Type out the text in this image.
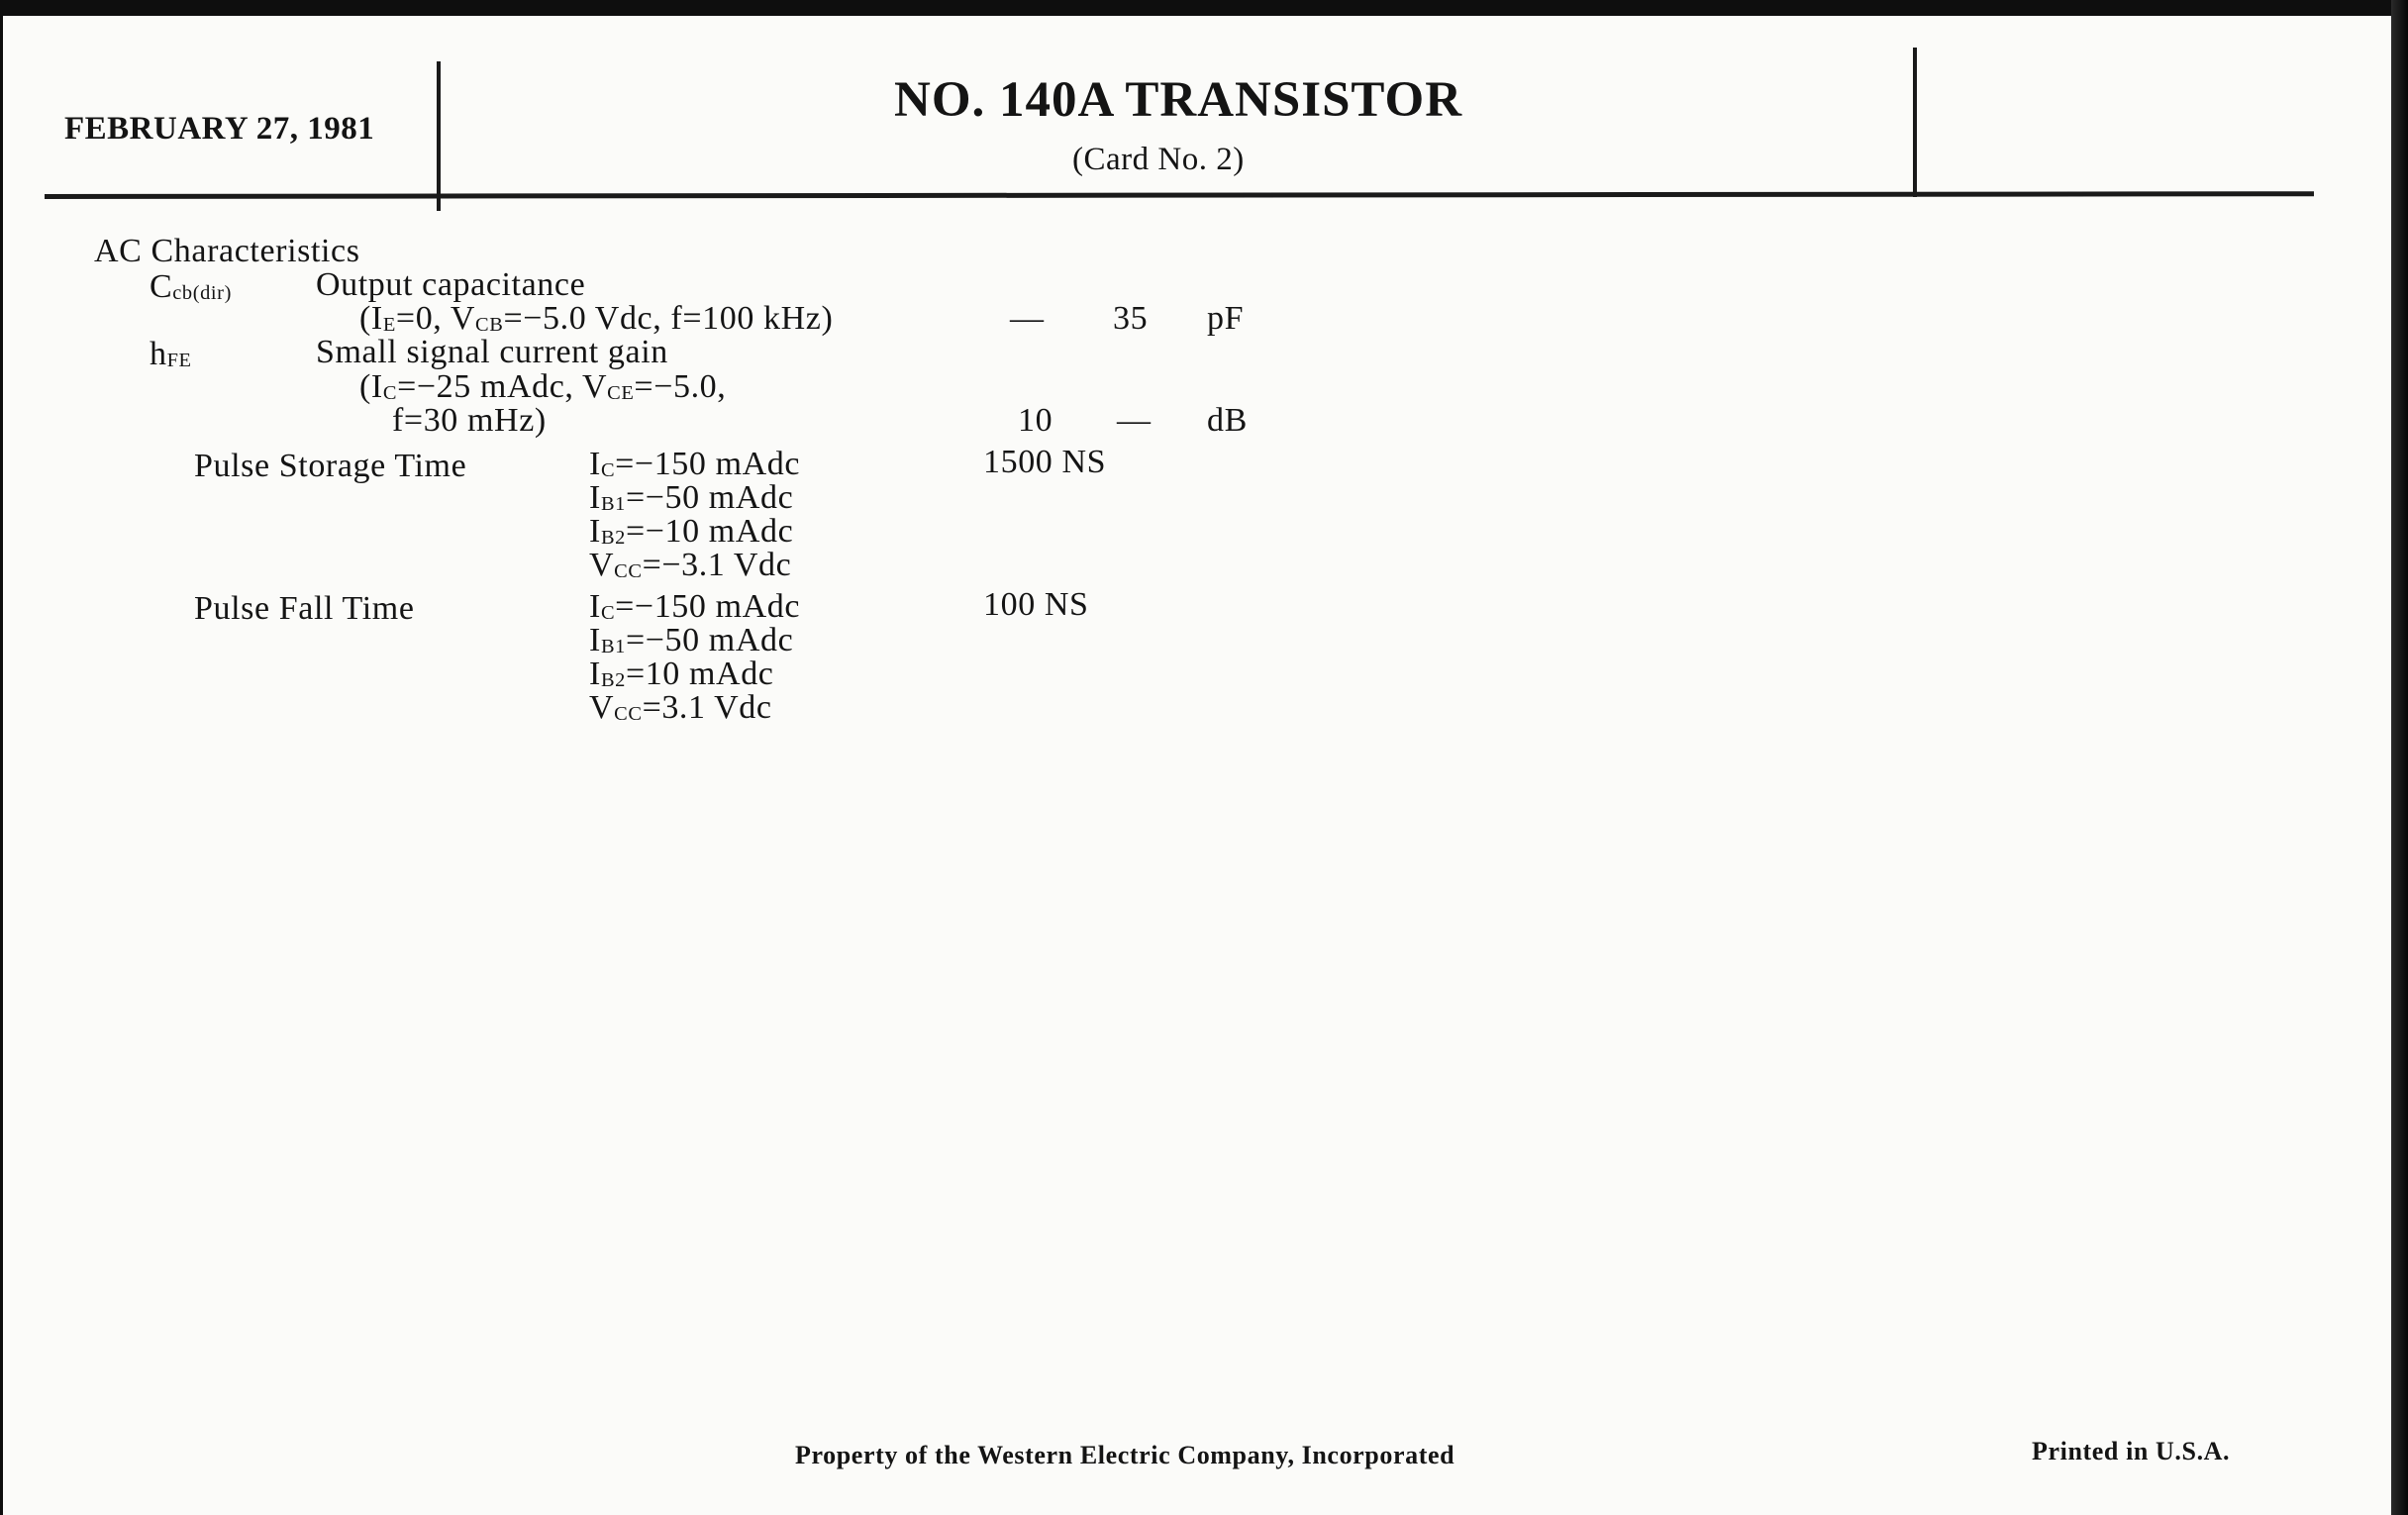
FEBRUARY 27, 1981
NO. 140A TRANSISTOR
(Card No. 2)
AC Characteristics
$C_{cb(dir)}$	Output capacitance
($I_E=0$, $V_{CB}=-5.0$ Vdc, f=100 kHz)	— 35 pF
$h_{FE}$	Small signal current gain
($I_C=-25$ mAdc, $V_{CE}=-5.0$,
f=30 mHz)	10 — dB
Pulse Storage Time	$I_C=-150$ mAdc
$I_{B1}=-50$ mAdc
$I_{B2}=-10$ mAdc
$V_{CC}=-3.1$ Vdc
1500 NS
Pulse Fall Time	$I_C=-150$ mAdc
$I_{B1}=-50$ mAdc
$I_{B2}=10$ mAdc
$V_{CC}=3.1$ Vdc
100 NS
Property of the Western Electric Company, Incorporated	Printed in U.S.A.
